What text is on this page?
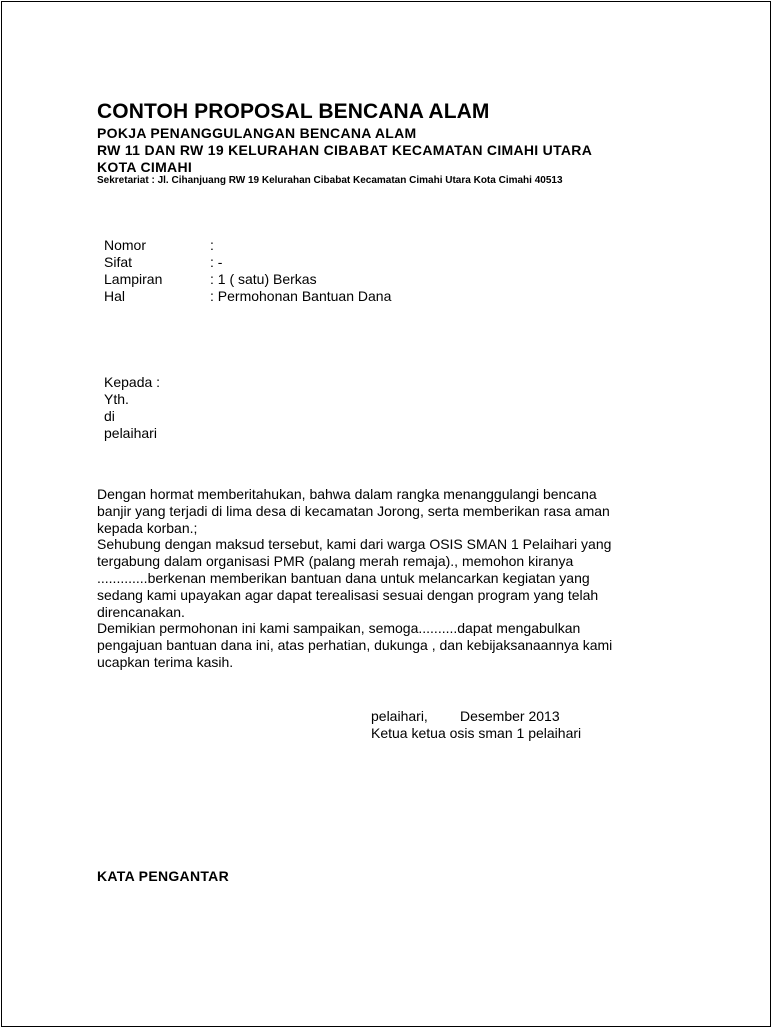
CONTOH PROPOSAL BENCANA ALAM
POKJA PENANGGULANGAN BENCANA ALAM
RW 11 DAN RW 19 KELURAHAN CIBABAT KECAMATAN CIMAHI UTARA
KOTA CIMAHI
Sekretariat : Jl. Cihanjuang RW 19 Kelurahan Cibabat Kecamatan Cimahi Utara Kota Cimahi 40513
Nomor	:
Sifat	: -
Lampiran	: 1 ( satu) Berkas
Hal	: Permohonan Bantuan Dana
Kepada :
Yth.
di
pelaihari
Dengan hormat memberitahukan, bahwa dalam rangka menanggulangi bencana
banjir yang terjadi di lima desa di kecamatan Jorong, serta memberikan rasa aman
kepada korban.;
Sehubung dengan maksud tersebut, kami dari warga OSIS SMAN 1 Pelaihari yang
tergabung dalam organisasi PMR (palang merah remaja)., memohon kiranya
.............berkenan memberikan bantuan dana untuk melancarkan kegiatan yang
sedang kami upayakan agar dapat terealisasi sesuai dengan program yang telah
direncanakan.
Demikian permohonan ini kami sampaikan, semoga..........dapat mengabulkan
pengajuan bantuan dana ini, atas perhatian, dukunga , dan kebijaksanaannya kami
ucapkan terima kasih.
pelaihari, Desember 2013
Ketua ketua osis sman 1 pelaihari
KATA PENGANTAR
